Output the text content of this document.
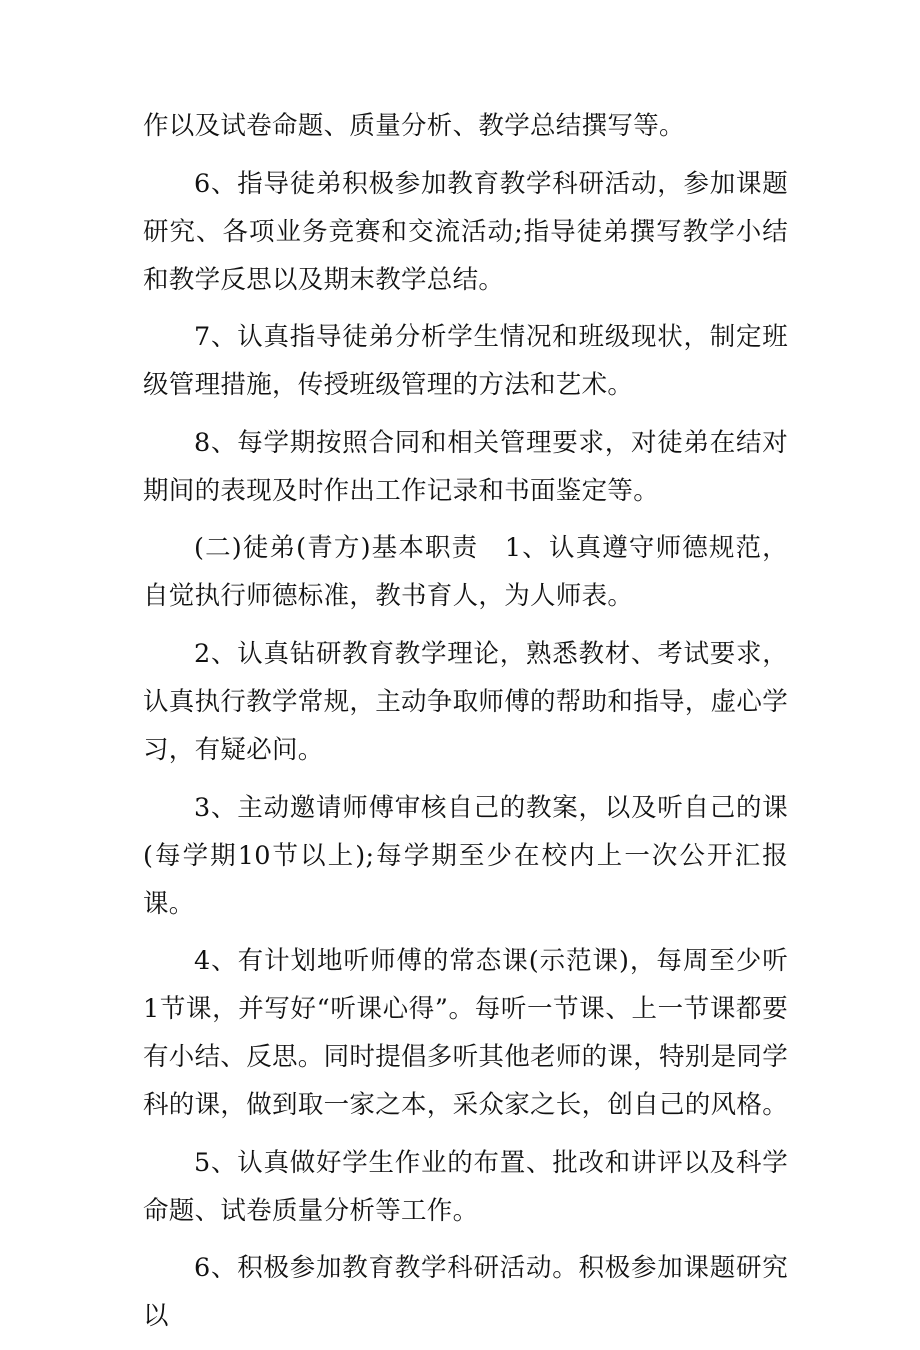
作以及试卷命题、质量分析、教学总结撰写等。

6、指导徒弟积极参加教育教学科研活动，参加课题研究、各项业务竞赛和交流活动;指导徒弟撰写教学小结和教学反思以及期末教学总结。

7、认真指导徒弟分析学生情况和班级现状，制定班级管理措施，传授班级管理的方法和艺术。

8、每学期按照合同和相关管理要求，对徒弟在结对期间的表现及时作出工作记录和书面鉴定等。

(二)徒弟(青方)基本职责　1、认真遵守师德规范，自觉执行师德标准，教书育人，为人师表。

2、认真钻研教育教学理论，熟悉教材、考试要求，认真执行教学常规，主动争取师傅的帮助和指导，虚心学习，有疑必问。

3、主动邀请师傅审核自己的教案，以及听自己的课(每学期10节以上);每学期至少在校内上一次公开汇报课。

4、有计划地听师傅的常态课(示范课)，每周至少听1节课，并写好“听课心得”。每听一节课、上一节课都要有小结、反思。同时提倡多听其他老师的课，特别是同学科的课，做到取一家之本，采众家之长，创自己的风格。

5、认真做好学生作业的布置、批改和讲评以及科学命题、试卷质量分析等工作。

6、积极参加教育教学科研活动。积极参加课题研究以
